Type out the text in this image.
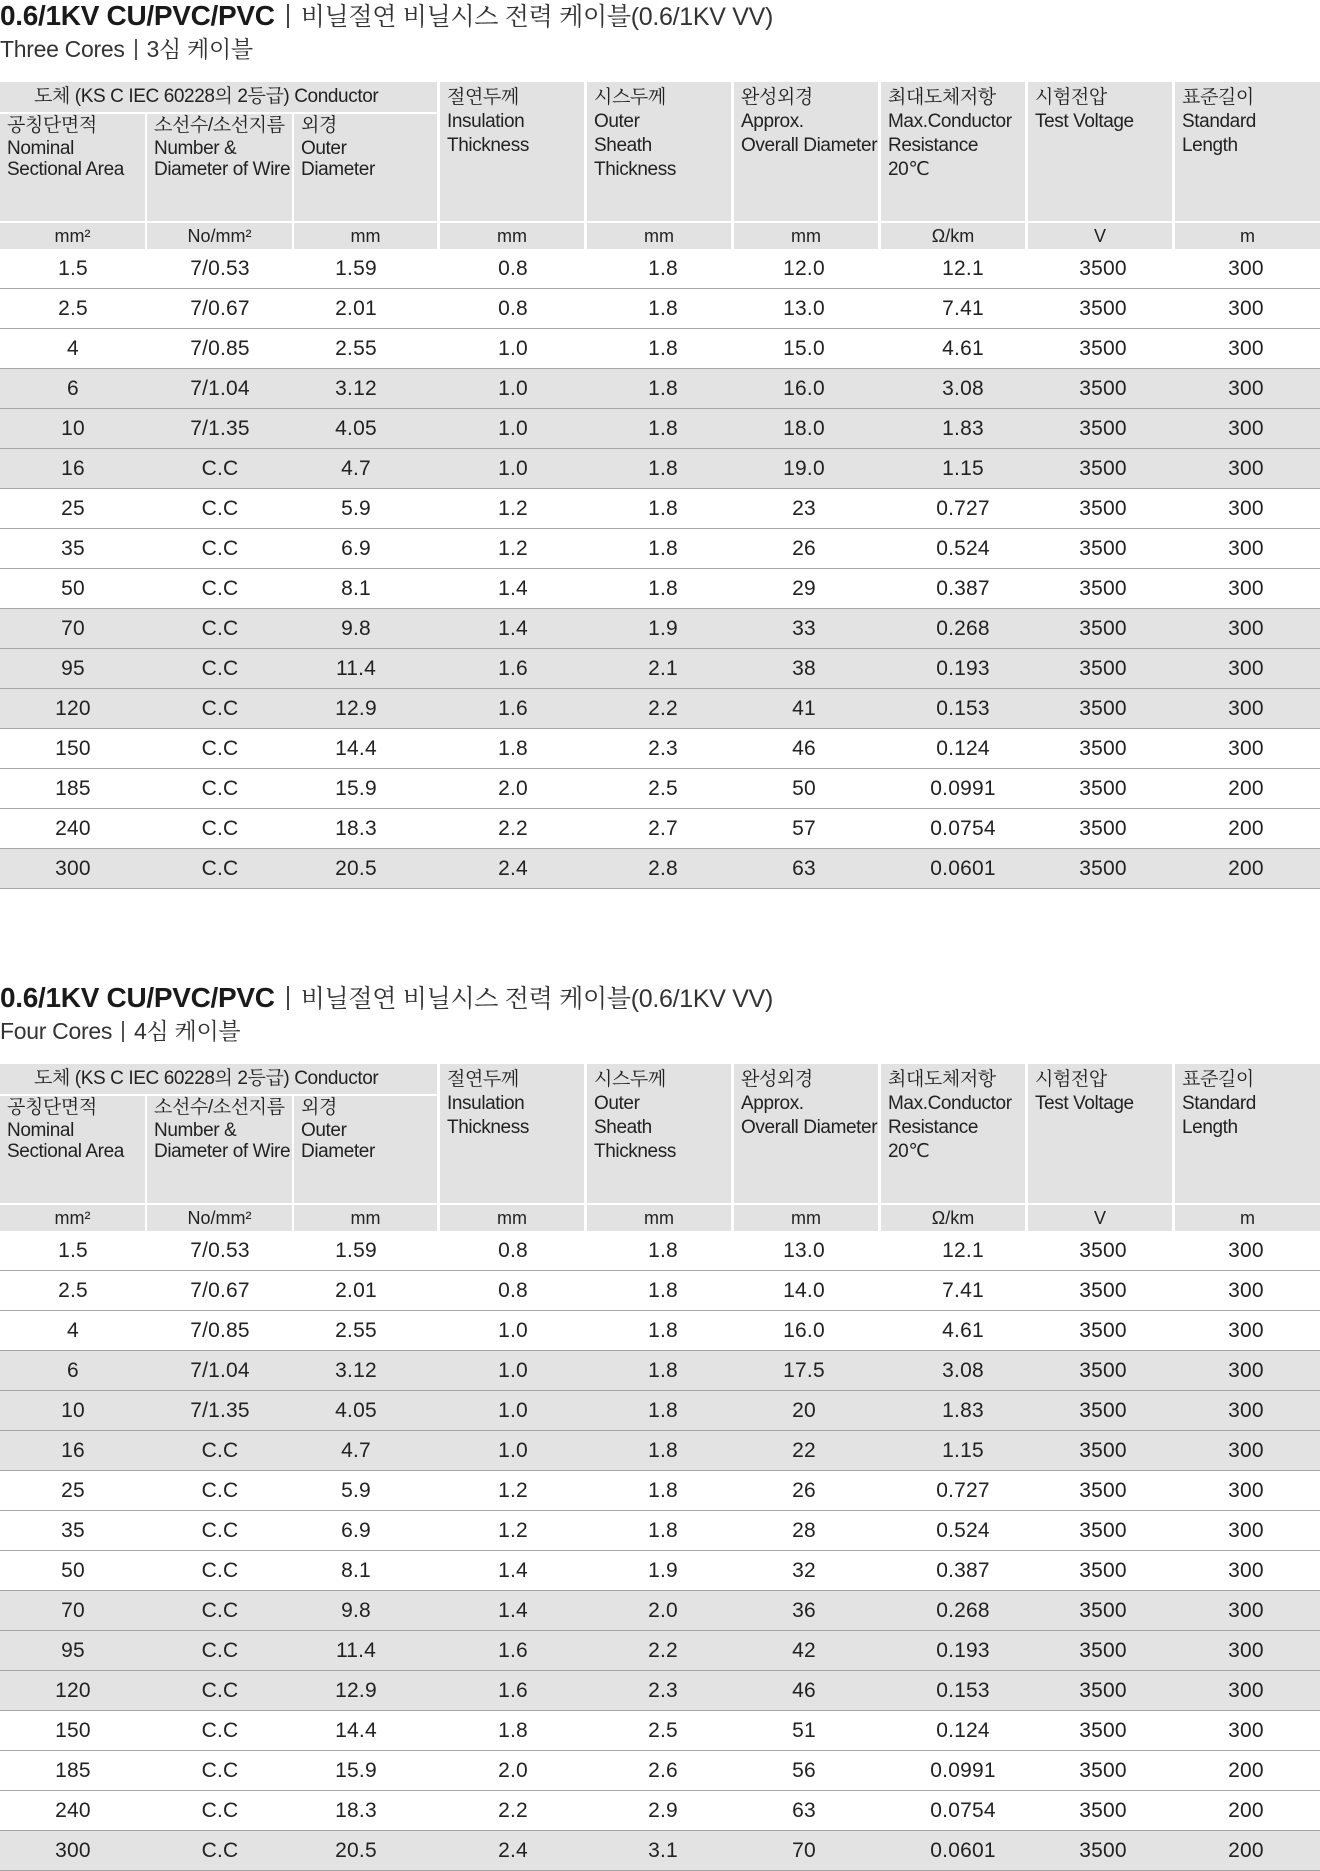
0.6/1KV CU/PVC/PVC 비닐절연 비닐시스 전력 케이블(0.6/1KV VV)
Three Cores 3심 케이블
도체 (KS C IEC 60228의 2등급) Conductor
공칭단면적
Nominal
Sectional Area
소선수/소선지름
Number &
Diameter of Wire
외경
Outer
Diameter
절연두께
Insulation
Thickness
시스두께
Outer
Sheath
Thickness
완성외경
Approx.
Overall Diameter
최대도체저항
Max.Conductor
Resistance
20℃
시험전압
Test Voltage
표준길이
Standard
Length
mm²	No/mm²	mm	mm	mm	mm	Ω/km	V	m
1.5	7/0.53	1.59	0.8	1.8	12.0	12.1	3500	300
2.5	7/0.67	2.01	0.8	1.8	13.0	7.41	3500	300
4	7/0.85	2.55	1.0	1.8	15.0	4.61	3500	300
6	7/1.04	3.12	1.0	1.8	16.0	3.08	3500	300
10	7/1.35	4.05	1.0	1.8	18.0	1.83	3500	300
16	C.C	4.7	1.0	1.8	19.0	1.15	3500	300
25	C.C	5.9	1.2	1.8	23	0.727	3500	300
35	C.C	6.9	1.2	1.8	26	0.524	3500	300
50	C.C	8.1	1.4	1.8	29	0.387	3500	300
70	C.C	9.8	1.4	1.9	33	0.268	3500	300
95	C.C	11.4	1.6	2.1	38	0.193	3500	300
120	C.C	12.9	1.6	2.2	41	0.153	3500	300
150	C.C	14.4	1.8	2.3	46	0.124	3500	300
185	C.C	15.9	2.0	2.5	50	0.0991	3500	200
240	C.C	18.3	2.2	2.7	57	0.0754	3500	200
300	C.C	20.5	2.4	2.8	63	0.0601	3500	200
0.6/1KV CU/PVC/PVC 비닐절연 비닐시스 전력 케이블(0.6/1KV VV)
Four Cores 4심 케이블
도체 (KS C IEC 60228의 2등급) Conductor
공칭단면적
Nominal
Sectional Area
소선수/소선지름
Number &
Diameter of Wire
외경
Outer
Diameter
절연두께
Insulation
Thickness
시스두께
Outer
Sheath
Thickness
완성외경
Approx.
Overall Diameter
최대도체저항
Max.Conductor
Resistance
20℃
시험전압
Test Voltage
표준길이
Standard
Length
mm²	No/mm²	mm	mm	mm	mm	Ω/km	V	m
1.5	7/0.53	1.59	0.8	1.8	13.0	12.1	3500	300
2.5	7/0.67	2.01	0.8	1.8	14.0	7.41	3500	300
4	7/0.85	2.55	1.0	1.8	16.0	4.61	3500	300
6	7/1.04	3.12	1.0	1.8	17.5	3.08	3500	300
10	7/1.35	4.05	1.0	1.8	20	1.83	3500	300
16	C.C	4.7	1.0	1.8	22	1.15	3500	300
25	C.C	5.9	1.2	1.8	26	0.727	3500	300
35	C.C	6.9	1.2	1.8	28	0.524	3500	300
50	C.C	8.1	1.4	1.9	32	0.387	3500	300
70	C.C	9.8	1.4	2.0	36	0.268	3500	300
95	C.C	11.4	1.6	2.2	42	0.193	3500	300
120	C.C	12.9	1.6	2.3	46	0.153	3500	300
150	C.C	14.4	1.8	2.5	51	0.124	3500	300
185	C.C	15.9	2.0	2.6	56	0.0991	3500	200
240	C.C	18.3	2.2	2.9	63	0.0754	3500	200
300	C.C	20.5	2.4	3.1	70	0.0601	3500	200
